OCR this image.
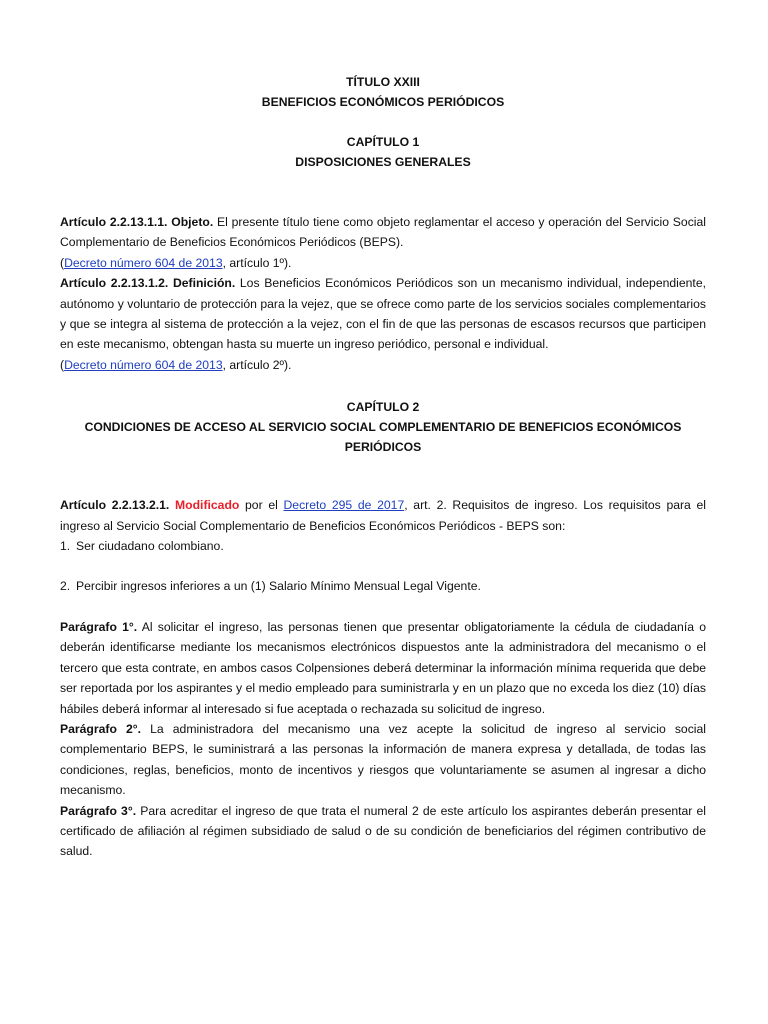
TÍTULO XXIII

BENEFICIOS ECONÓMICOS PERIÓDICOS

CAPÍTULO 1

DISPOSICIONES GENERALES

Artículo 2.2.13.1.1. Objeto. El presente título tiene como objeto reglamentar el acceso y operación del Servicio Social Complementario de Beneficios Económicos Periódicos (BEPS).
(Decreto número 604 de 2013, artículo 1º).

Artículo 2.2.13.1.2. Definición. Los Beneficios Económicos Periódicos son un mecanismo individual, independiente, autónomo y voluntario de protección para la vejez, que se ofrece como parte de los servicios sociales complementarios y que se integra al sistema de protección a la vejez, con el fin de que las personas de escasos recursos que participen en este mecanismo, obtengan hasta su muerte un ingreso periódico, personal e individual.
(Decreto número 604 de 2013, artículo 2º).

CAPÍTULO 2

CONDICIONES DE ACCESO AL SERVICIO SOCIAL COMPLEMENTARIO DE BENEFICIOS ECONÓMICOS PERIÓDICOS

Artículo 2.2.13.2.1. Modificado por el Decreto 295 de 2017, art. 2. Requisitos de ingreso. Los requisitos para el ingreso al Servicio Social Complementario de Beneficios Económicos Periódicos - BEPS son:

1. Ser ciudadano colombiano.

2. Percibir ingresos inferiores a un (1) Salario Mínimo Mensual Legal Vigente.

Parágrafo 1°. Al solicitar el ingreso, las personas tienen que presentar obligatoriamente la cédula de ciudadanía o deberán identificarse mediante los mecanismos electrónicos dispuestos ante la administradora del mecanismo o el tercero que esta contrate, en ambos casos Colpensiones deberá determinar la información mínima requerida que debe ser reportada por los aspirantes y el medio empleado para suministrarla y en un plazo que no exceda los diez (10) días hábiles deberá informar al interesado si fue aceptada o rechazada su solicitud de ingreso.

Parágrafo 2°. La administradora del mecanismo una vez acepte la solicitud de ingreso al servicio social complementario BEPS, le suministrará a las personas la información de manera expresa y detallada, de todas las condiciones, reglas, beneficios, monto de incentivos y riesgos que voluntariamente se asumen al ingresar a dicho mecanismo.

Parágrafo 3°. Para acreditar el ingreso de que trata el numeral 2 de este artículo los aspirantes deberán presentar el certificado de afiliación al régimen subsidiado de salud o de su condición de beneficiarios del régimen contributivo de salud.
